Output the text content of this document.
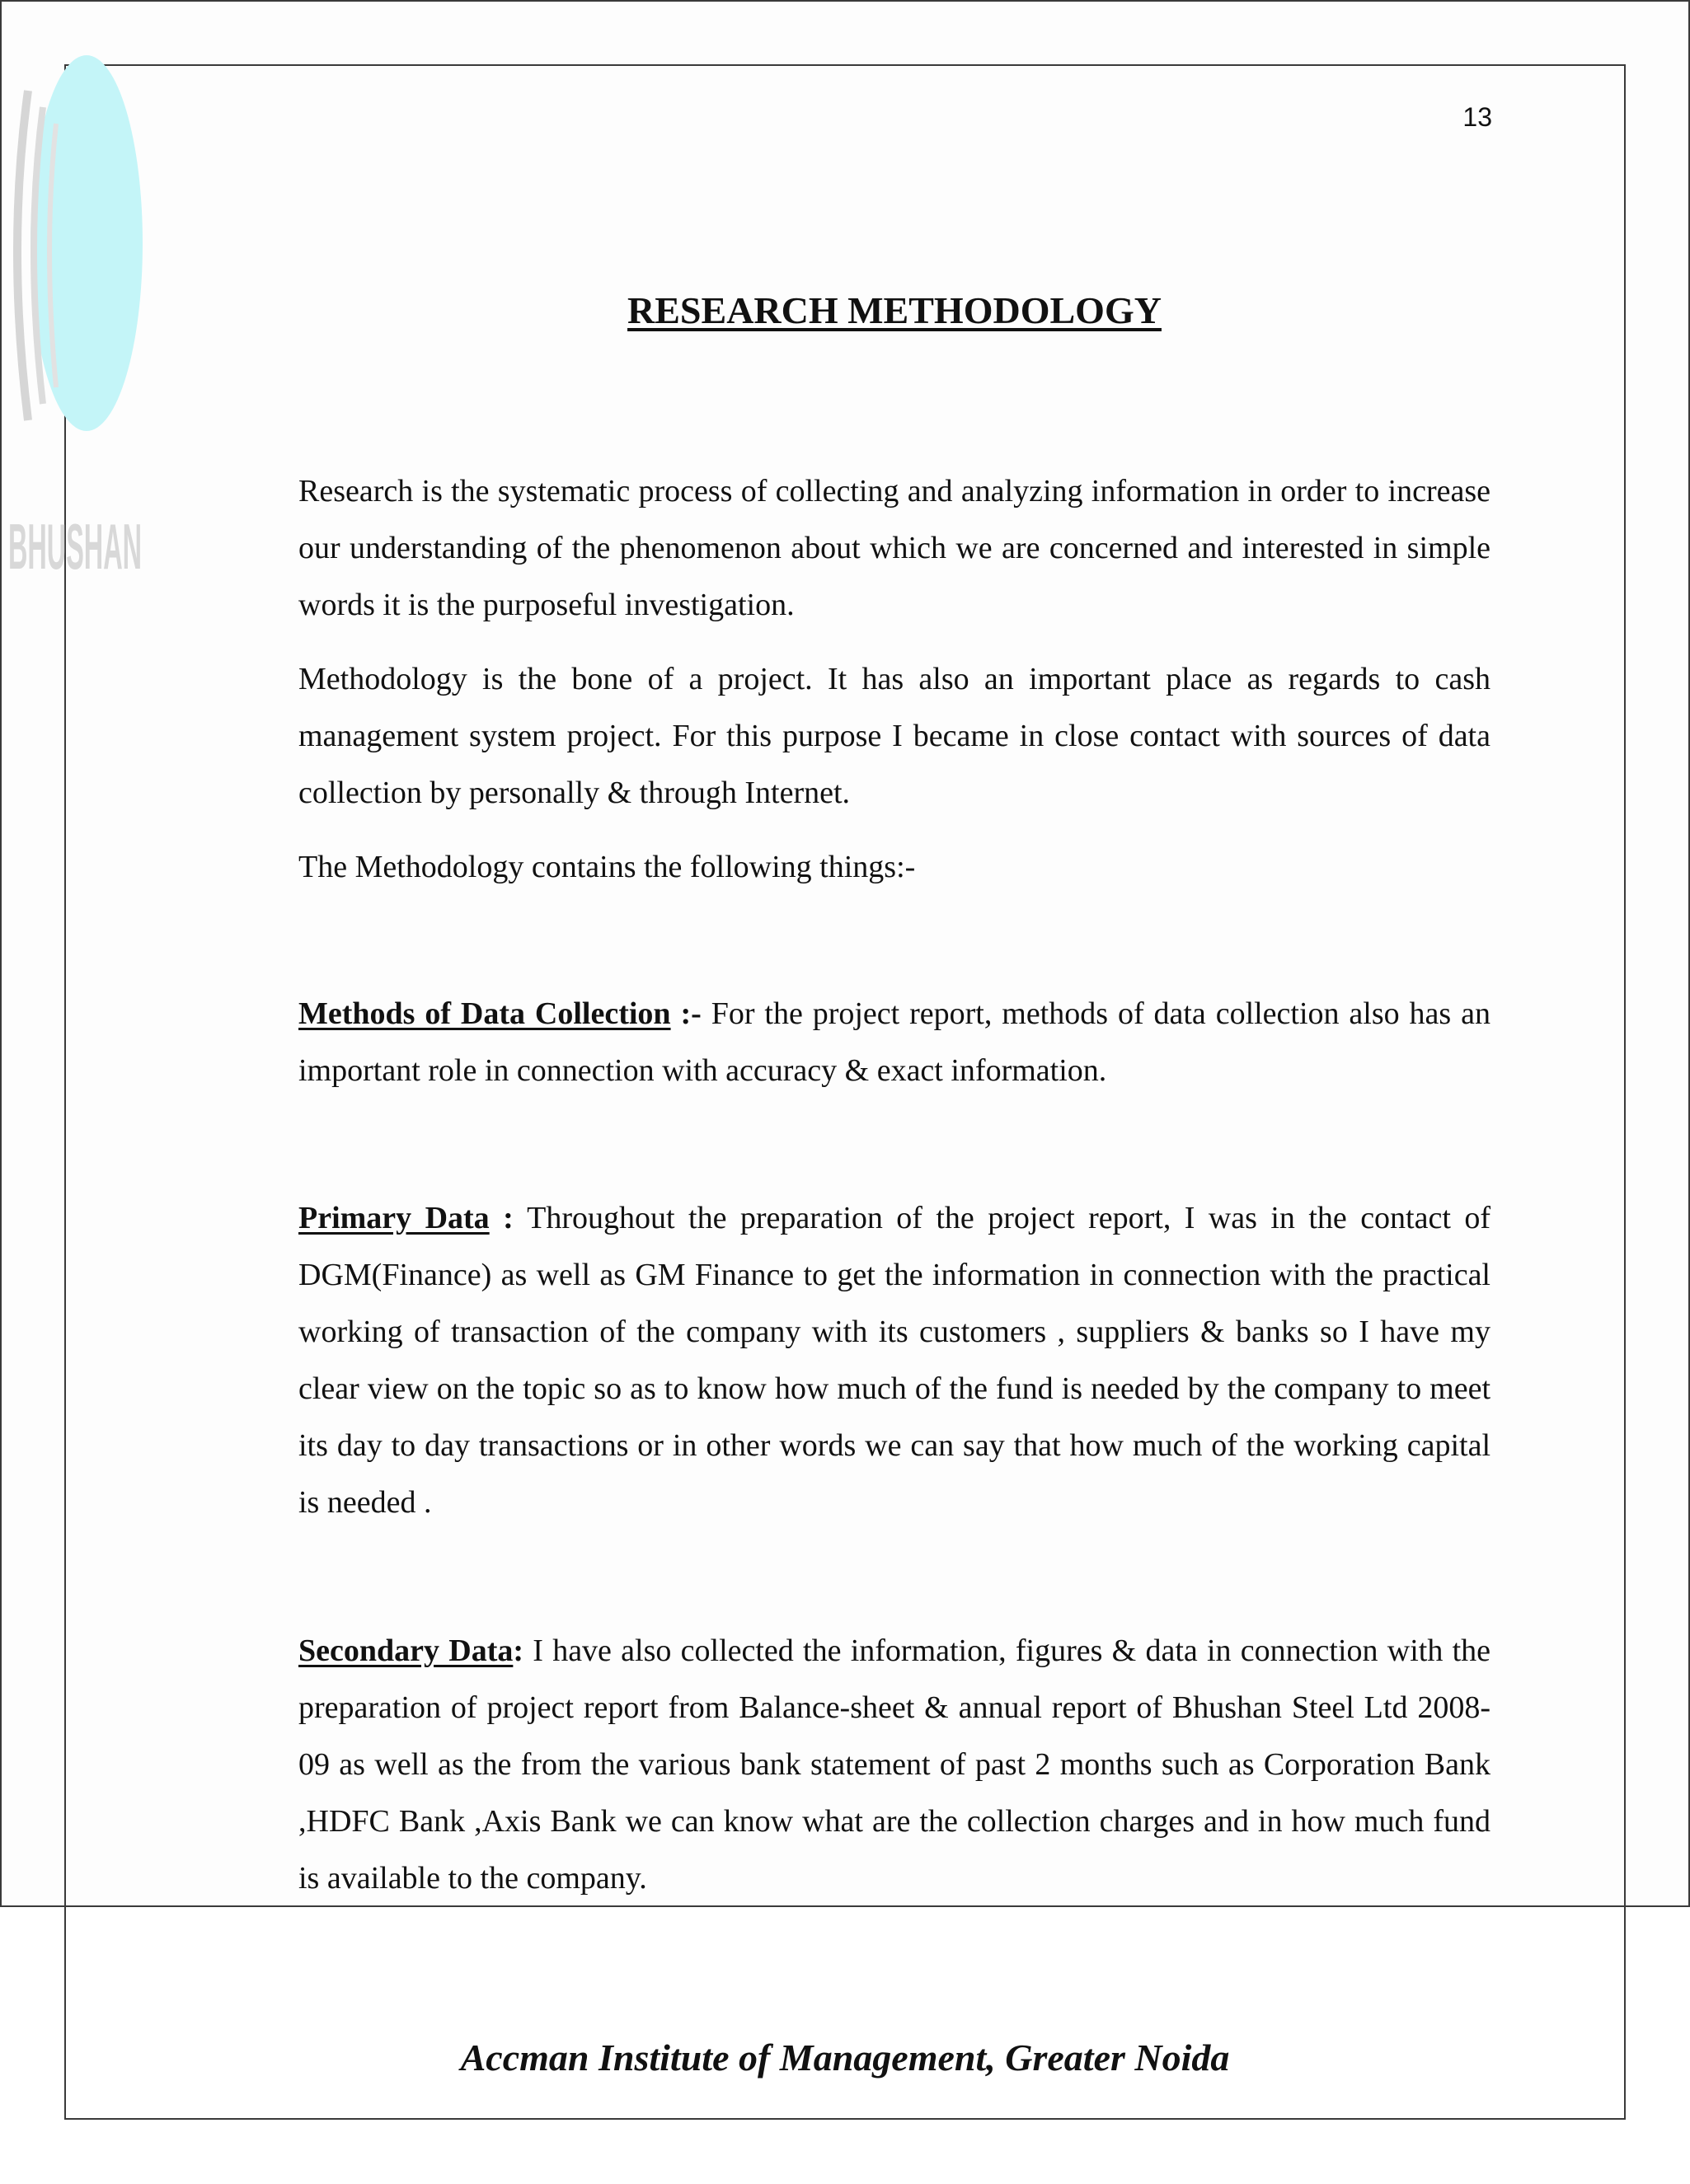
BHUSHAN
13
RESEARCH METHODOLOGY

Research is the systematic process of collecting and analyzing information in order to increase our understanding of the phenomenon about which we are concerned and interested in simple words it is the purposeful investigation.

Methodology is the bone of a project. It has also an important place as regards to cash management system project. For this purpose I became in close contact with sources of data collection by personally & through Internet.

The Methodology contains the following things:-

Methods of Data Collection :- For the project report, methods of data collection also has an important role in connection with accuracy & exact information.

Primary Data : Throughout the preparation of the project report, I was in the contact of DGM(Finance) as well as GM Finance to get the information in connection with the practical working of transaction of the company with its customers , suppliers & banks so I have my clear view on the topic so as to know how much of the fund is needed by the company to meet its day to day transactions or in other words we can say that how much of the working capital is needed .

Secondary Data: I have also collected the information, figures & data in connection with the preparation of project report from Balance-sheet & annual report of Bhushan Steel Ltd 2008-09 as well as the from the various bank statement of past 2 months such as Corporation Bank ,HDFC Bank ,Axis Bank we can know what are the collection charges and in how much fund is available to the company.

Accman Institute of Management, Greater Noida
